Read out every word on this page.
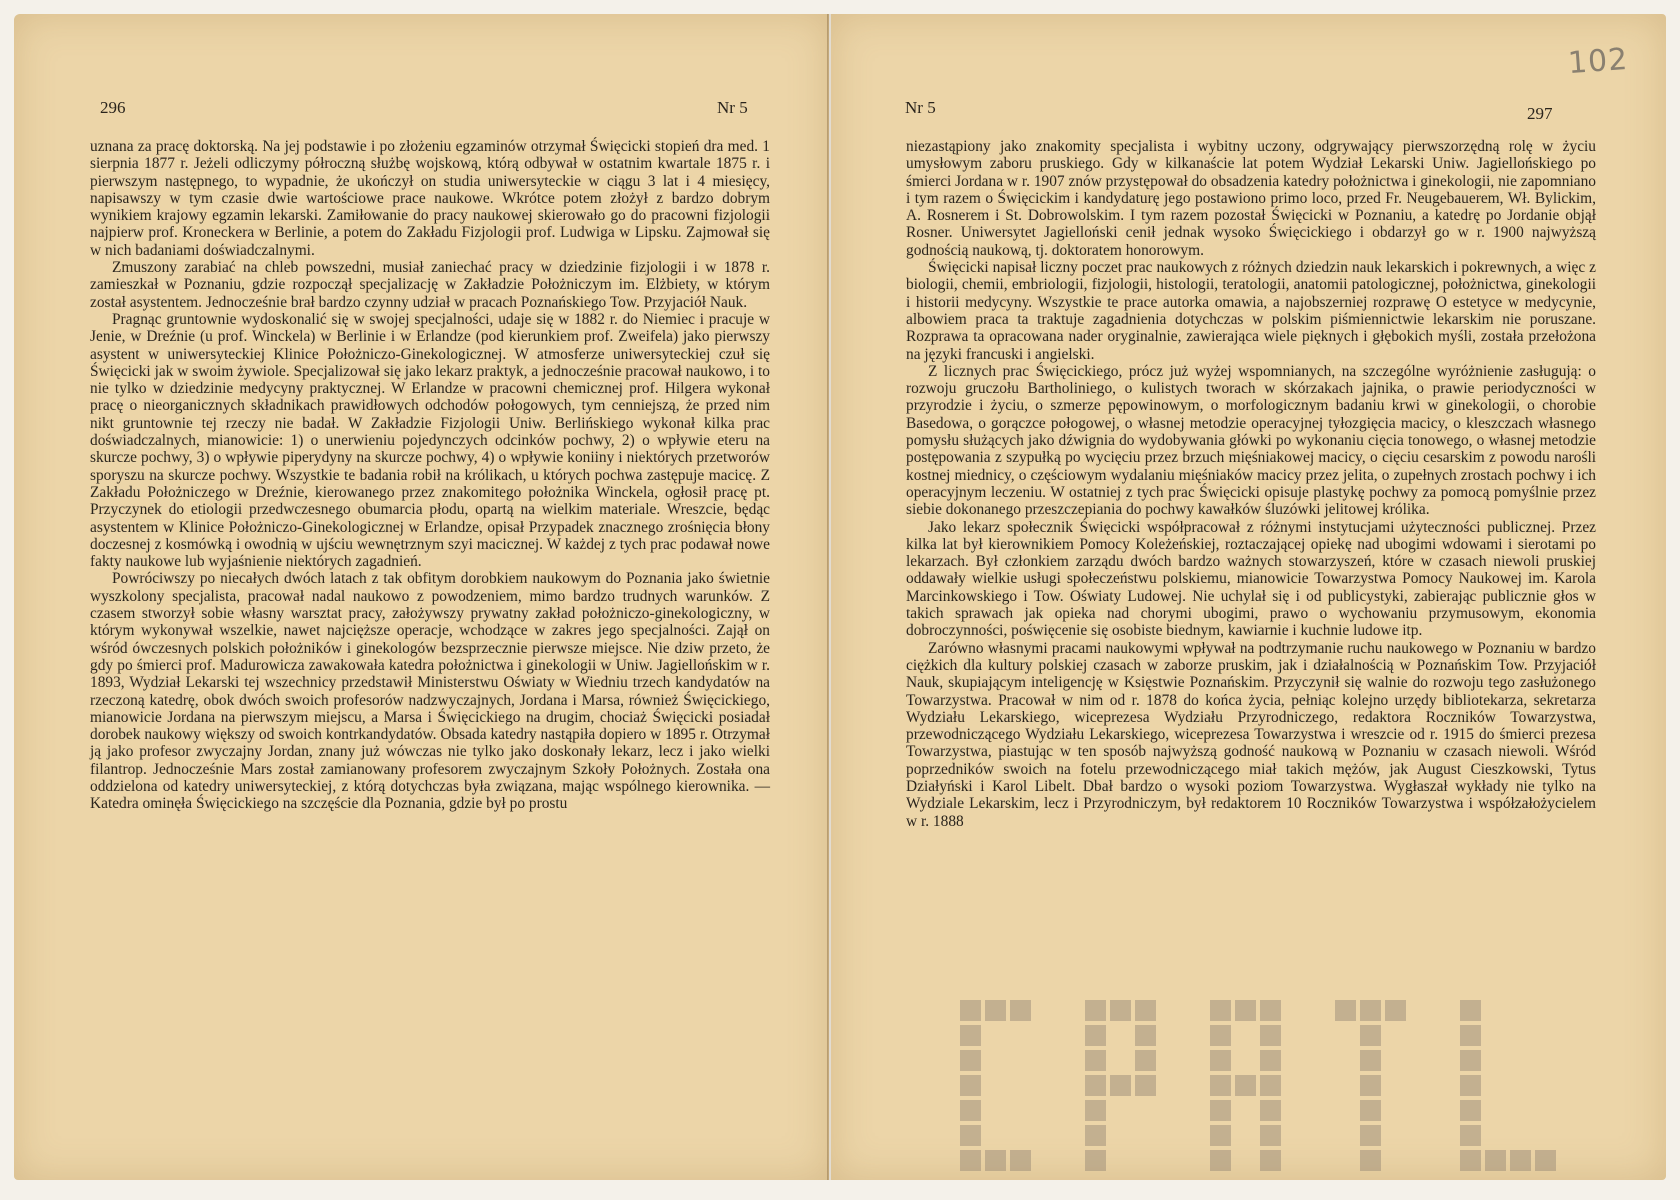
296	Nr 5

uznana za pracę doktorską. Na jej podstawie i po złożeniu egzaminów otrzymał Święcicki stopień dra med. 1 sierpnia 1877 r. Jeżeli odliczymy półroczną służbę wojskową, którą odbywał w ostatnim kwartale 1875 r. i pierwszym następnego, to wypadnie, że ukończył on studia uniwersyteckie w ciągu 3 lat i 4 miesięcy, napisawszy w tym czasie dwie wartościowe prace naukowe. Wkrótce potem złożył z bardzo dobrym wynikiem krajowy egzamin lekarski. Zamiłowanie do pracy naukowej skierowało go do pracowni fizjologii najpierw prof. Kroneckera w Berlinie, a potem do Zakładu Fizjologii prof. Ludwiga w Lipsku. Zajmował się w nich badaniami doświadczalnymi.

Zmuszony zarabiać na chleb powszedni, musiał zaniechać pracy w dziedzinie fizjologii i w 1878 r. zamieszkał w Poznaniu, gdzie rozpoczął specjalizację w Zakładzie Położniczym im. Elżbiety, w którym został asystentem. Jednocześnie brał bardzo czynny udział w pracach Poznańskiego Tow. Przyjaciół Nauk.

Pragnąc gruntownie wydoskonalić się w swojej specjalności, udaje się w 1882 r. do Niemiec i pracuje w Jenie, w Dreźnie (u prof. Winckela) w Berlinie i w Erlandze (pod kierunkiem prof. Zweifela) jako pierwszy asystent w uniwersyteckiej Klinice Położniczo-Ginekologicznej. W atmosferze uniwersyteckiej czuł się Święcicki jak w swoim żywiole. Specjalizował się jako lekarz praktyk, a jednocześnie pracował naukowo, i to nie tylko w dziedzinie medycyny praktycznej. W Erlandze w pracowni chemicznej prof. Hilgera wykonał pracę o nieorganicznych składnikach prawidłowych odchodów połogowych, tym cenniejszą, że przed nim nikt gruntownie tej rzeczy nie badał. W Zakładzie Fizjologii Uniw. Berlińskiego wykonał kilka prac doświadczalnych, mianowicie: 1) o unerwieniu pojedynczych odcinków pochwy, 2) o wpływie eteru na skurcze pochwy, 3) o wpływie piperydyny na skurcze pochwy, 4) o wpływie koniiny i niektórych przetworów sporyszu na skurcze pochwy. Wszystkie te badania robił na królikach, u których pochwa zastępuje macicę. Z Zakładu Położniczego w Dreźnie, kierowanego przez znakomitego położnika Winckela, ogłosił pracę pt. Przyczynek do etiologii przedwczesnego obumarcia płodu, opartą na wielkim materiale. Wreszcie, będąc asystentem w Klinice Położniczo-Ginekologicznej w Erlandze, opisał Przypadek znacznego zrośnięcia błony doczesnej z kosmówką i owodnią w ujściu wewnętrznym szyi macicznej. W każdej z tych prac podawał nowe fakty naukowe lub wyjaśnienie niektórych zagadnień.

Powróciwszy po niecałych dwóch latach z tak obfitym dorobkiem naukowym do Poznania jako świetnie wyszkolony specjalista, pracował nadal naukowo z powodzeniem, mimo bardzo trudnych warunków. Z czasem stworzył sobie własny warsztat pracy, założywszy prywatny zakład położniczo-ginekologiczny, w którym wykonywał wszelkie, nawet najcięższe operacje, wchodzące w zakres jego specjalności. Zajął on wśród ówczesnych polskich położników i ginekologów bezsprzecznie pierwsze miejsce. Nie dziw przeto, że gdy po śmierci prof. Madurowicza zawakowała katedra położnictwa i ginekologii w Uniw. Jagiellońskim w r. 1893, Wydział Lekarski tej wszechnicy przedstawił Ministerstwu Oświaty w Wiedniu trzech kandydatów na rzeczoną katedrę, obok dwóch swoich profesorów nadzwyczajnych, Jordana i Marsa, również Święcickiego, mianowicie Jordana na pierwszym miejscu, a Marsa i Święcickiego na drugim, chociaż Święcicki posiadał dorobek naukowy większy od swoich kontrkandydatów. Obsada katedry nastąpiła dopiero w 1895 r. Otrzymał ją jako profesor zwyczajny Jordan, znany już wówczas nie tylko jako doskonały lekarz, lecz i jako wielki filantrop. Jednocześnie Mars został zamianowany profesorem zwyczajnym Szkoły Położnych. Została ona oddzielona od katedry uniwersyteckiej, z którą dotychczas była związana, mając wspólnego kierownika. — Katedra ominęła Święcickiego na szczęście dla Poznania, gdzie był po prostu

102
Nr 5	297

niezastąpiony jako znakomity specjalista i wybitny uczony, odgrywający pierwszorzędną rolę w życiu umysłowym zaboru pruskiego. Gdy w kilkanaście lat potem Wydział Lekarski Uniw. Jagiellońskiego po śmierci Jordana w r. 1907 znów przystępował do obsadzenia katedry położnictwa i ginekologii, nie zapomniano i tym razem o Święcickim i kandydaturę jego postawiono primo loco, przed Fr. Neugebauerem, Wł. Bylickim, A. Rosnerem i St. Dobrowolskim. I tym razem pozostał Święcicki w Poznaniu, a katedrę po Jordanie objął Rosner. Uniwersytet Jagielloński cenił jednak wysoko Święcickiego i obdarzył go w r. 1900 najwyższą godnością naukową, tj. doktoratem honorowym.

Święcicki napisał liczny poczet prac naukowych z różnych dziedzin nauk lekarskich i pokrewnych, a więc z biologii, chemii, embriologii, fizjologii, histologii, teratologii, anatomii patologicznej, położnictwa, ginekologii i historii medycyny. Wszystkie te prace autorka omawia, a najobszerniej rozprawę O estetyce w medycynie, albowiem praca ta traktuje zagadnienia dotychczas w polskim piśmiennictwie lekarskim nie poruszane. Rozprawa ta opracowana nader oryginalnie, zawierająca wiele pięknych i głębokich myśli, została przełożona na języki francuski i angielski.

Z licznych prac Święcickiego, prócz już wyżej wspomnianych, na szczególne wyróżnienie zasługują: o rozwoju gruczołu Bartholiniego, o kulistych tworach w skórzakach jajnika, o prawie periodyczności w przyrodzie i życiu, o szmerze pępowinowym, o morfologicznym badaniu krwi w ginekologii, o chorobie Basedowa, o gorączce połogowej, o własnej metodzie operacyjnej tyłozgięcia macicy, o kleszczach własnego pomysłu służących jako dźwignia do wydobywania główki po wykonaniu cięcia tonowego, o własnej metodzie postępowania z szypułką po wycięciu przez brzuch mięśniakowej macicy, o cięciu cesarskim z powodu narośli kostnej miednicy, o częściowym wydalaniu mięśniaków macicy przez jelita, o zupełnych zrostach pochwy i ich operacyjnym leczeniu. W ostatniej z tych prac Święcicki opisuje plastykę pochwy za pomocą pomyślnie przez siebie dokonanego przeszczepiania do pochwy kawałków śluzówki jelitowej królika.

Jako lekarz społecznik Święcicki współpracował z różnymi instytucjami użyteczności publicznej. Przez kilka lat był kierownikiem Pomocy Koleżeńskiej, roztaczającej opiekę nad ubogimi wdowami i sierotami po lekarzach. Był członkiem zarządu dwóch bardzo ważnych stowarzyszeń, które w czasach niewoli pruskiej oddawały wielkie usługi społeczeństwu polskiemu, mianowicie Towarzystwa Pomocy Naukowej im. Karola Marcinkowskiego i Tow. Oświaty Ludowej. Nie uchylał się i od publicystyki, zabierając publicznie głos w takich sprawach jak opieka nad chorymi ubogimi, prawo o wychowaniu przymusowym, ekonomia dobroczynności, poświęcenie się osobiste biednym, kawiarnie i kuchnie ludowe itp.

Zarówno własnymi pracami naukowymi wpływał na podtrzymanie ruchu naukowego w Poznaniu w bardzo ciężkich dla kultury polskiej czasach w zaborze pruskim, jak i działalnością w Poznańskim Tow. Przyjaciół Nauk, skupiającym inteligencję w Księstwie Poznańskim. Przyczynił się walnie do rozwoju tego zasłużonego Towarzystwa. Pracował w nim od r. 1878 do końca życia, pełniąc kolejno urzędy bibliotekarza, sekretarza Wydziału Lekarskiego, wiceprezesa Wydziału Przyrodniczego, redaktora Roczników Towarzystwa, przewodniczącego Wydziału Lekarskiego, wiceprezesa Towarzystwa i wreszcie od r. 1915 do śmierci prezesa Towarzystwa, piastując w ten sposób najwyższą godność naukową w Poznaniu w czasach niewoli. Wśród poprzedników swoich na fotelu przewodniczącego miał takich mężów, jak August Cieszkowski, Tytus Działyński i Karol Libelt. Dbał bardzo o wysoki poziom Towarzystwa. Wygłaszał wykłady nie tylko na Wydziale Lekarskim, lecz i Przyrodniczym, był redaktorem 10 Roczników Towarzystwa i współzałożycielem w r. 1888
